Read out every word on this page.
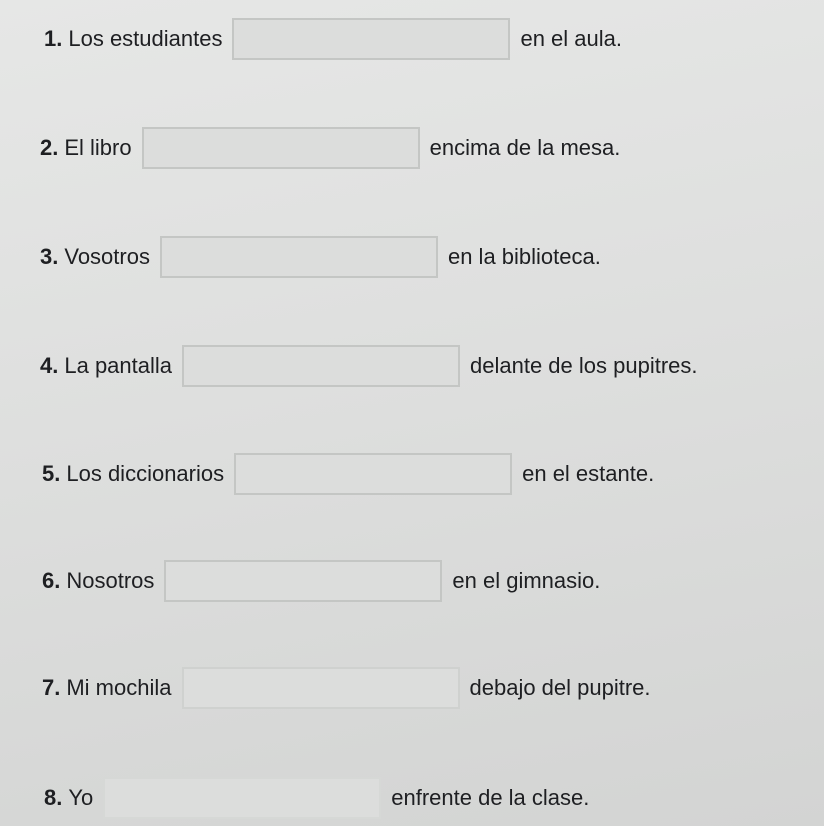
1. Los estudiantes	en el aula.
2. El libro	encima de la mesa.
3. Vosotros	en la biblioteca.
4. La pantalla	delante de los pupitres.
5. Los diccionarios	en el estante.
6. Nosotros	en el gimnasio.
7. Mi mochila	debajo del pupitre.
8. Yo	enfrente de la clase.
